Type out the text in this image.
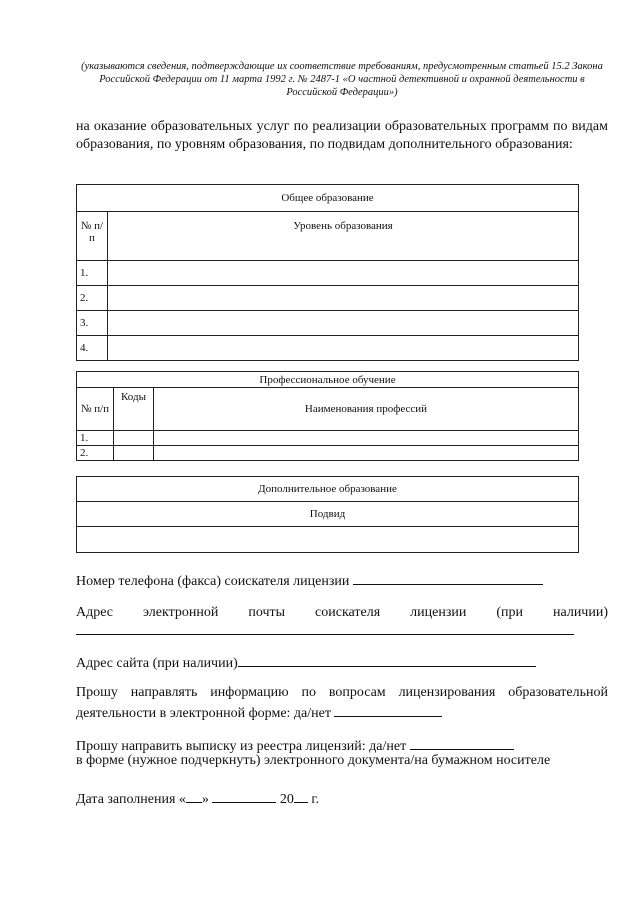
(указываются сведения, подтверждающие их соответствие требованиям, предусмотренным статьей 15.2 Закона Российской Федерации от 11 марта 1992 г. № 2487-1 «О частной детективной и охранной деятельности в Российской Федерации»)
на оказание образовательных услуг по реализации образовательных программ по видам образования, по уровням образования, по подвидам дополнительного образования:
Общее образование	
№ п/п	Уровень образования
1.	
2.	
3.	
4.	
Профессиональное обучение		
№ п/п	Коды	Наименования профессий
1.		
2.		
Дополнительное образование
Подвид

Номер телефона (факса) соискателя лицензии
Адрес электронной почты соискателя лицензии (при наличии)
Адрес сайта (при наличии)
Прошу направлять информацию по вопросам лицензирования образовательной деятельности в электронной форме: да/нет
Прошу направить выписку из реестра лицензий: да/нет
в форме (нужное подчеркнуть) электронного документа/на бумажном носителе
Дата заполнения « »	20 г.
